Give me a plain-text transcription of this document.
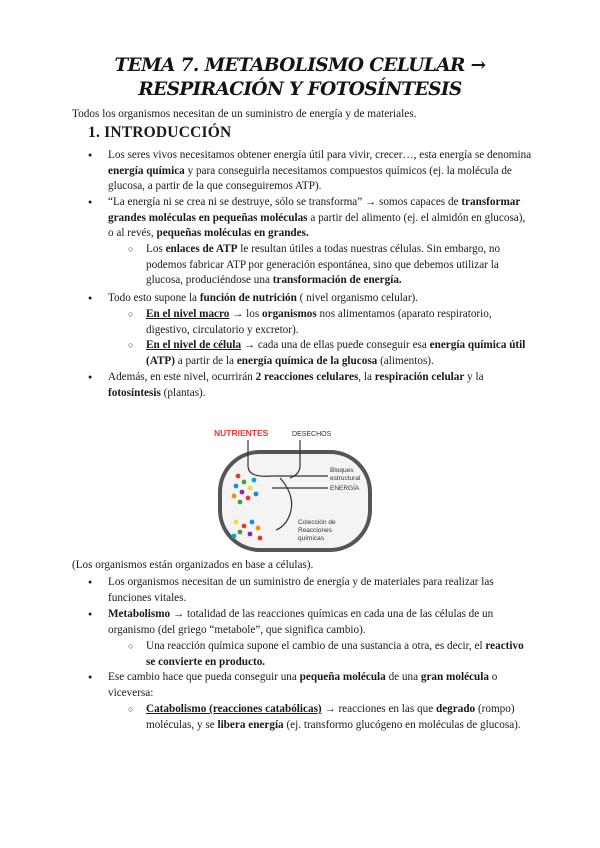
TEMA 7. METABOLISMO CELULAR →
RESPIRACIÓN Y FOTOSÍNTESIS
Todos los organismos necesitan de un suministro de energía y de materiales.
1. INTRODUCCIÓN
● Los seres vivos necesitamos obtener energía útil para vivir, crecer…, esta energía se denomina energía química y para conseguirla necesitamos compuestos químicos (ej. la molécula de glucosa, a partir de la que conseguiremos ATP).
● “La energía ni se crea ni se destruye, sólo se transforma” → somos capaces de transformar grandes moléculas en pequeñas moléculas a partir del alimento (ej. el almidón en glucosa), o al revés, pequeñas moléculas en grandes.
○ Los enlaces de ATP le resultan útiles a todas nuestras células. Sin embargo, no podemos fabricar ATP por generación espontánea, sino que debemos utilizar la glucosa, produciéndose una transformación de energía.
● Todo esto supone la función de nutrición ( nivel organismo celular).
○ En el nivel macro → los organismos nos alimentamos (aparato respiratorio, digestivo, circulatorio y excretor).
○ En el nivel de célula → cada una de ellas puede conseguir esa energía química útil (ATP) a partir de la energía química de la glucosa (alimentos).
● Además, en este nivel, ocurrirán 2 reacciones celulares, la respiración celular y la fotosíntesis (plantas).
NUTRIENTES	DESECHOS
Bloques
estructural
ENERGÍA
Colección de
Reacciones
químicas
(Los organismos están organizados en base a células).
● Los organismos necesitan de un suministro de energía y de materiales para realizar las funciones vitales.
● Metabolismo → totalidad de las reacciones químicas en cada una de las células de un organismo (del griego “metabole”, que significa cambio).
○ Una reacción química supone el cambio de una sustancia a otra, es decir, el reactivo se convierte en producto.
● Ese cambio hace que pueda conseguir una pequeña molécula de una gran molécula o viceversa:
○ Catabolismo (reacciones catabólicas) → reacciones en las que degrado (rompo) moléculas, y se libera energía (ej. transformo glucógeno en moléculas de glucosa).
